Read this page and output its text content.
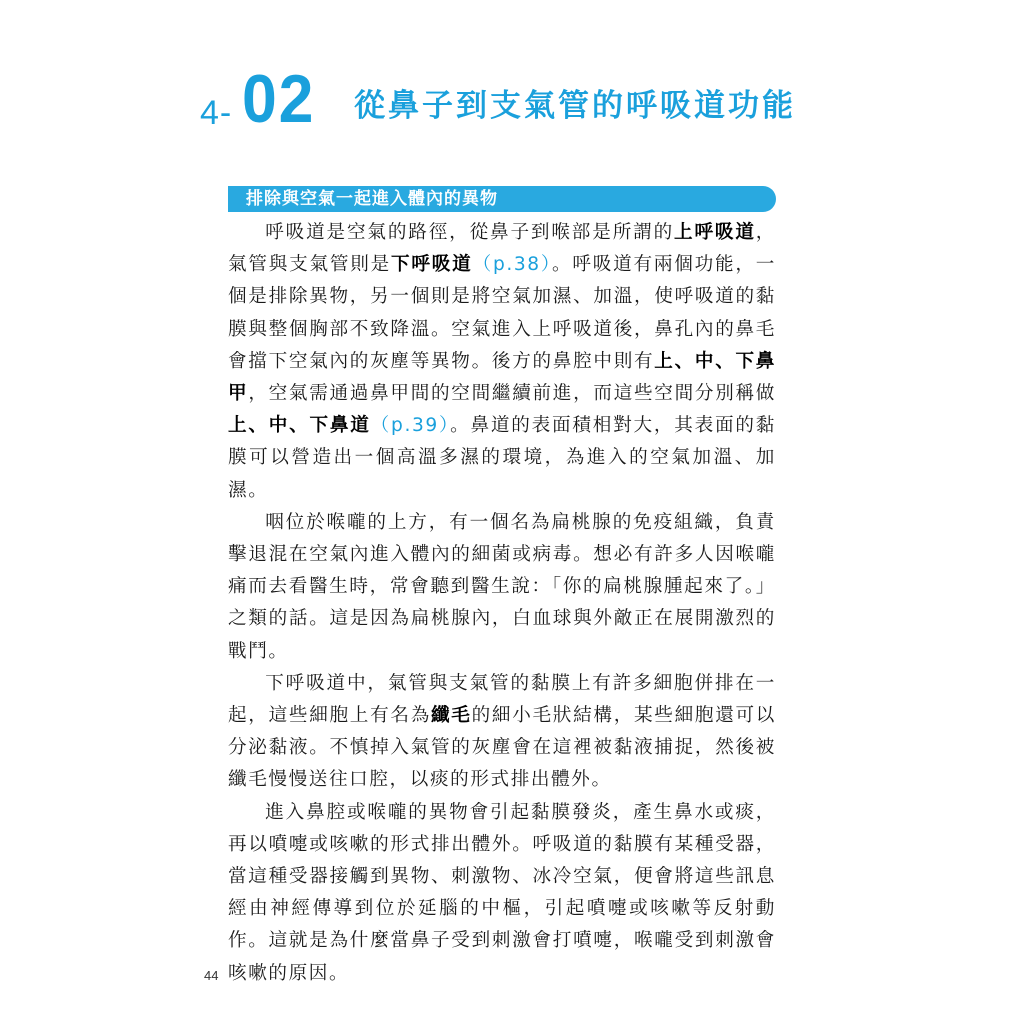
4- 02 從鼻子到支氣管的呼吸道功能
排除與空氣一起進入體內的異物

呼吸道是空氣的路徑，從鼻子到喉部是所謂的上呼吸道，氣管與支氣管則是下呼吸道（p.38）。呼吸道有兩個功能，一個是排除異物，另一個則是將空氣加濕、加溫，使呼吸道的黏膜與整個胸部不致降溫。空氣進入上呼吸道後，鼻孔內的鼻毛會擋下空氣內的灰塵等異物。後方的鼻腔中則有上、中、下鼻甲，空氣需通過鼻甲間的空間繼續前進，而這些空間分別稱做上、中、下鼻道（p.39）。鼻道的表面積相對大，其表面的黏膜可以營造出一個高溫多濕的環境，為進入的空氣加溫、加濕。

咽位於喉嚨的上方，有一個名為扁桃腺的免疫組織，負責擊退混在空氣內進入體內的細菌或病毒。想必有許多人因喉嚨痛而去看醫生時，常會聽到醫生說：「你的扁桃腺腫起來了。」之類的話。這是因為扁桃腺內，白血球與外敵正在展開激烈的戰鬥。

下呼吸道中，氣管與支氣管的黏膜上有許多細胞併排在一起，這些細胞上有名為纖毛的細小毛狀結構，某些細胞還可以分泌黏液。不慎掉入氣管的灰塵會在這裡被黏液捕捉，然後被纖毛慢慢送往口腔，以痰的形式排出體外。

進入鼻腔或喉嚨的異物會引起黏膜發炎，產生鼻水或痰，再以噴嚏或咳嗽的形式排出體外。呼吸道的黏膜有某種受器，當這種受器接觸到異物、刺激物、冰冷空氣，便會將這些訊息經由神經傳導到位於延腦的中樞，引起噴嚏或咳嗽等反射動作。這就是為什麼當鼻子受到刺激會打噴嚏，喉嚨受到刺激會咳嗽的原因。

44
